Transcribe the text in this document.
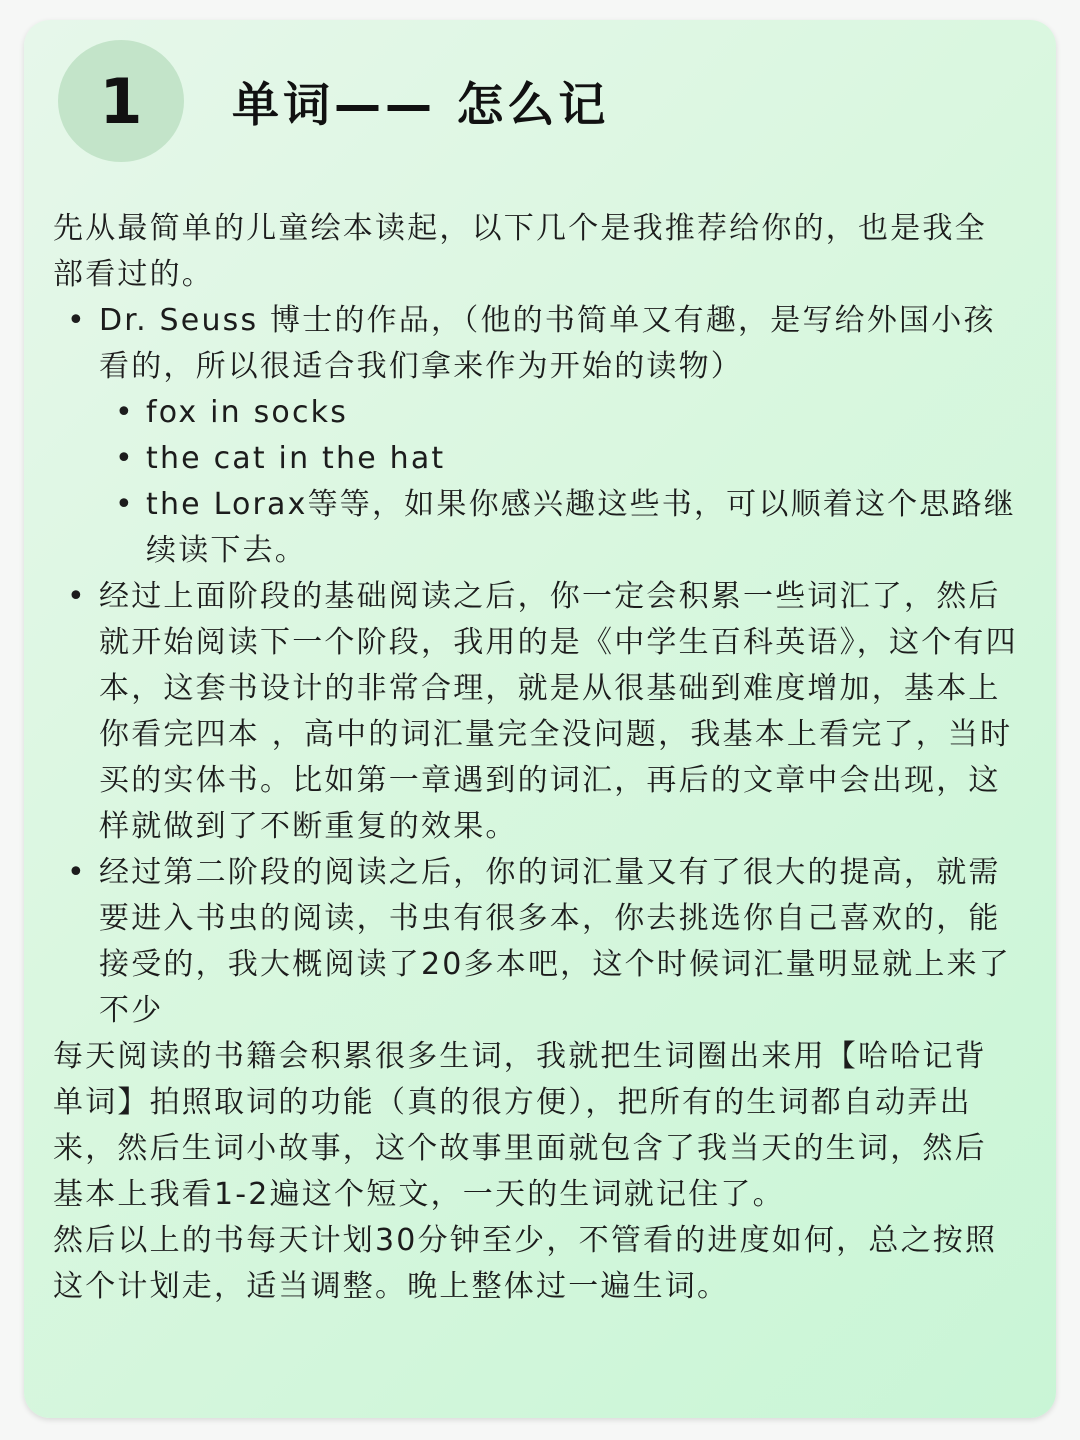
1	单词—— 怎么记

先从最简单的儿童绘本读起，以下几个是我推荐给你的，也是我全部看过的。

• Dr. Seuss 博士的作品，（他的书简单又有趣，是写给外国小孩看的，所以很适合我们拿来作为开始的读物）
• fox in socks
• the cat in the hat
• the Lorax等等，如果你感兴趣这些书，可以顺着这个思路继续读下去。
• 经过上面阶段的基础阅读之后，你一定会积累一些词汇了，然后就开始阅读下一个阶段，我用的是《中学生百科英语》，这个有四本，这套书设计的非常合理，就是从很基础到难度增加，基本上你看完四本 ，高中的词汇量完全没问题，我基本上看完了，当时买的实体书。比如第一章遇到的词汇，再后的文章中会出现，这样就做到了不断重复的效果。
• 经过第二阶段的阅读之后，你的词汇量又有了很大的提高，就需要进入书虫的阅读，书虫有很多本，你去挑选你自己喜欢的，能接受的，我大概阅读了20多本吧，这个时候词汇量明显就上来了不少

每天阅读的书籍会积累很多生词，我就把生词圈出来用【哈哈记背单词】拍照取词的功能（真的很方便），把所有的生词都自动弄出来，然后生词小故事，这个故事里面就包含了我当天的生词，然后基本上我看1-2遍这个短文，一天的生词就记住了。

然后以上的书每天计划30分钟至少，不管看的进度如何，总之按照这个计划走，适当调整。晚上整体过一遍生词。
